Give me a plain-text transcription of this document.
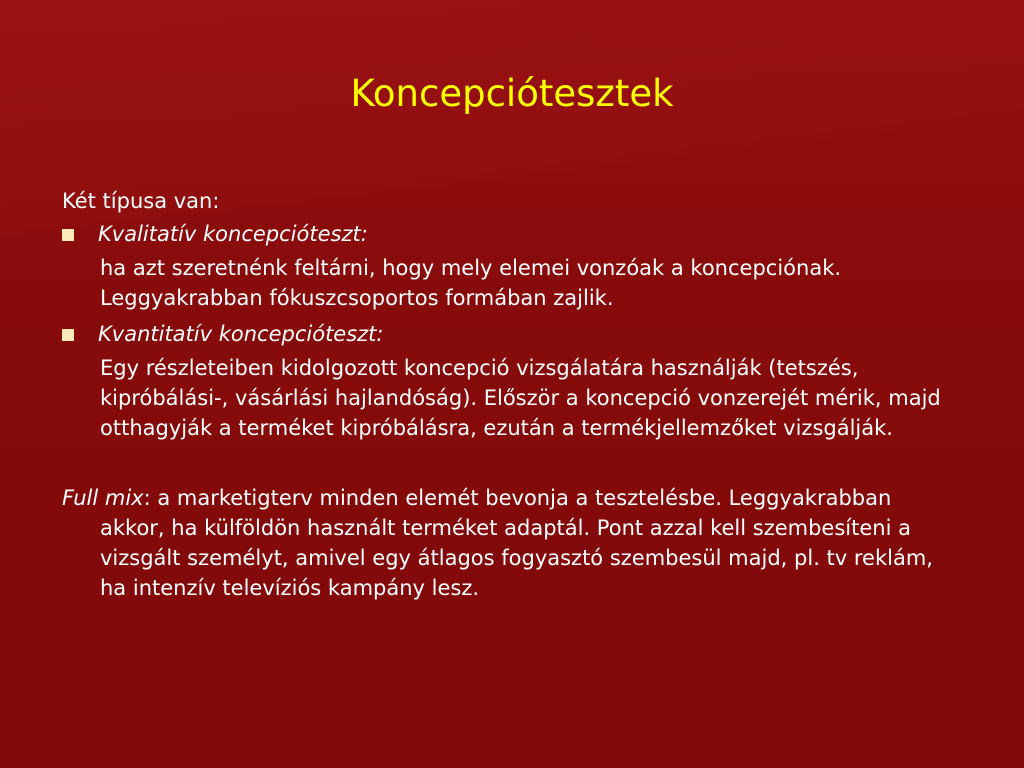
Koncepciótesztek
Két típusa van:
Kvalitatív koncepcióteszt:
ha azt szeretnénk feltárni, hogy mely elemei vonzóak a koncepciónak. Leggyakrabban fókuszcsoportos formában zajlik.
Kvantitatív koncepcióteszt:
Egy részleteiben kidolgozott koncepció vizsgálatára használják (tetszés, kipróbálási-, vásárlási hajlandóság). Először a koncepció vonzerejét mérik, majd otthagyják a terméket kipróbálásra, ezután a termékjellemzőket vizsgálják.
Full mix: a marketigterv minden elemét bevonja a tesztelésbe. Leggyakrabban akkor, ha külföldön használt terméket adaptál. Pont azzal kell szembesíteni a vizsgált személyt, amivel egy átlagos fogyasztó szembesül majd, pl. tv reklám, ha intenzív televíziós kampány lesz.
